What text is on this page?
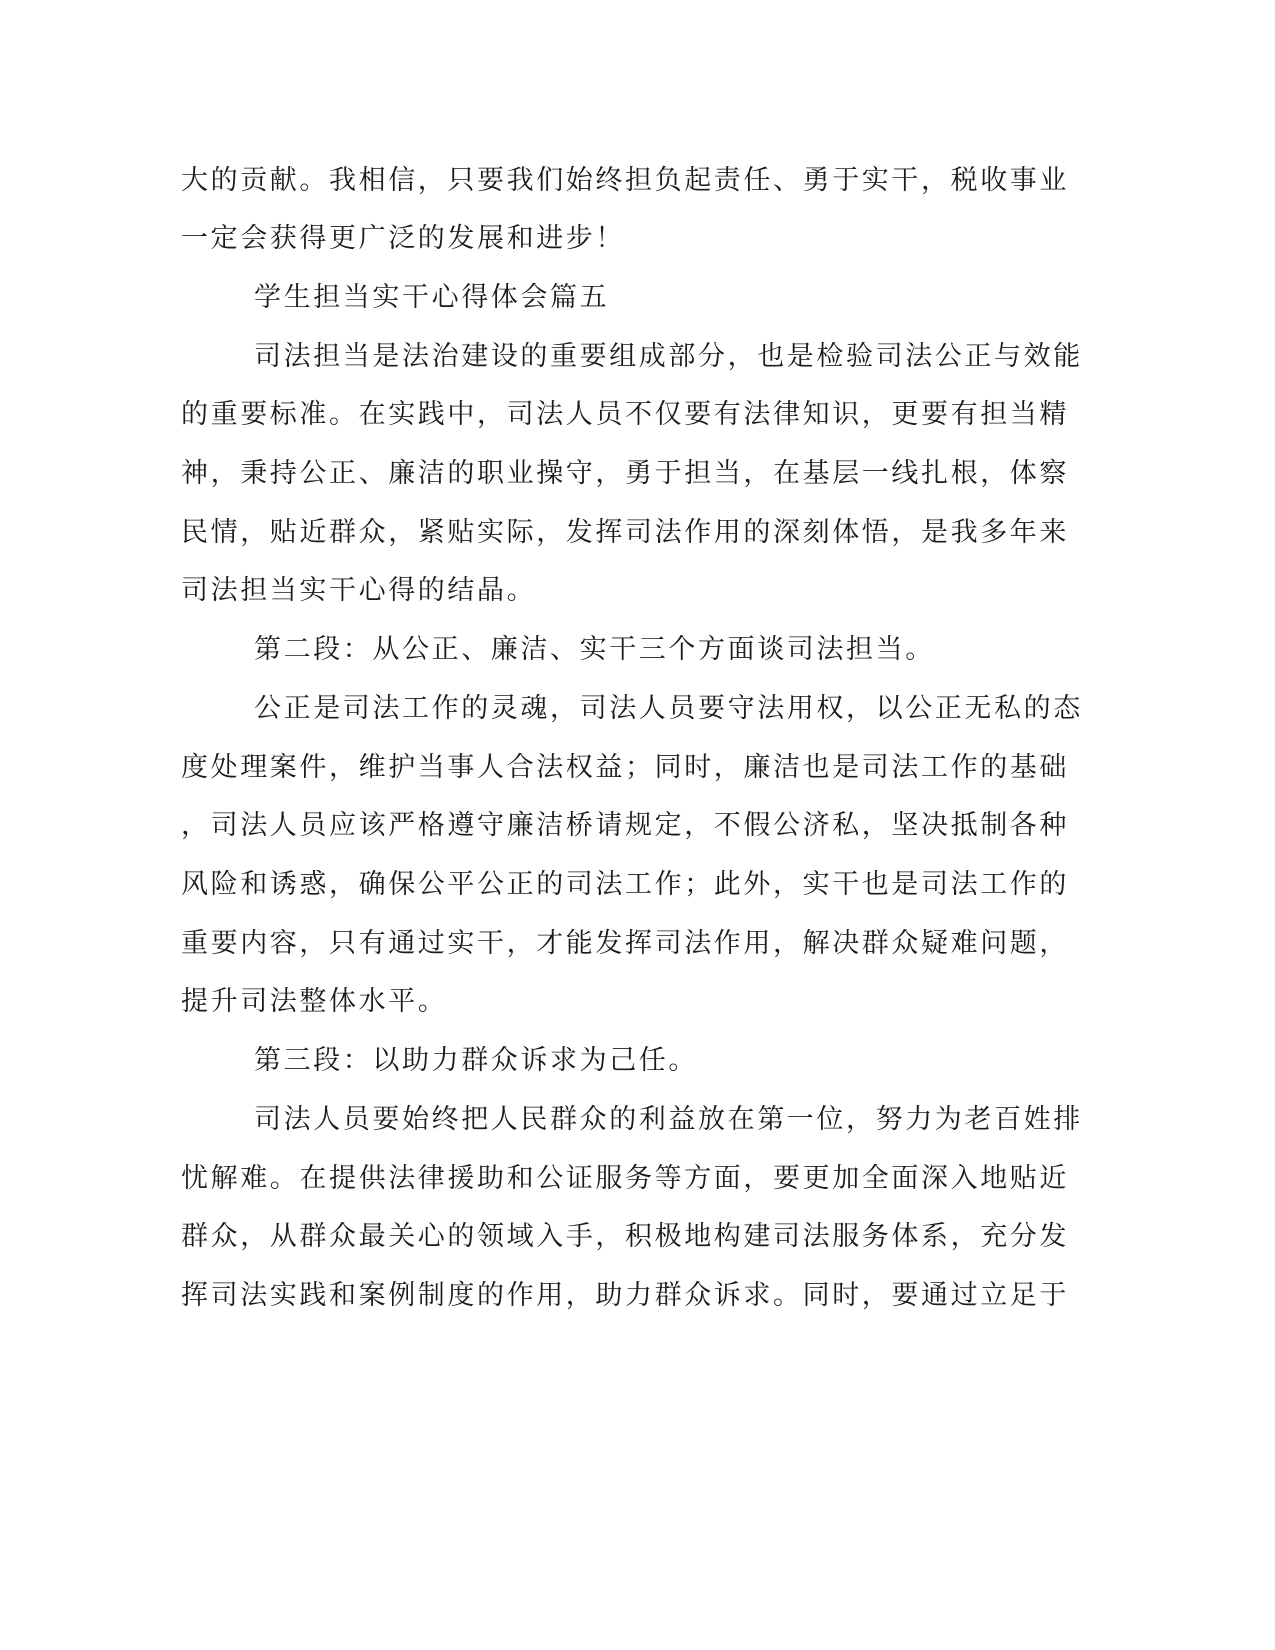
大的贡献。我相信，只要我们始终担负起责任、勇于实干，税收事业
一定会获得更广泛的发展和进步！
学生担当实干心得体会篇五
司法担当是法治建设的重要组成部分，也是检验司法公正与效能
的重要标准。在实践中，司法人员不仅要有法律知识，更要有担当精
神，秉持公正、廉洁的职业操守，勇于担当，在基层一线扎根，体察
民情，贴近群众，紧贴实际，发挥司法作用的深刻体悟，是我多年来
司法担当实干心得的结晶。
第二段：从公正、廉洁、实干三个方面谈司法担当。
公正是司法工作的灵魂，司法人员要守法用权，以公正无私的态
度处理案件，维护当事人合法权益；同时，廉洁也是司法工作的基础
，司法人员应该严格遵守廉洁桥请规定，不假公济私，坚决抵制各种
风险和诱惑，确保公平公正的司法工作；此外，实干也是司法工作的
重要内容，只有通过实干，才能发挥司法作用，解决群众疑难问题，
提升司法整体水平。
第三段：以助力群众诉求为己任。
司法人员要始终把人民群众的利益放在第一位，努力为老百姓排
忧解难。在提供法律援助和公证服务等方面，要更加全面深入地贴近
群众，从群众最关心的领域入手，积极地构建司法服务体系，充分发
挥司法实践和案例制度的作用，助力群众诉求。同时，要通过立足于
